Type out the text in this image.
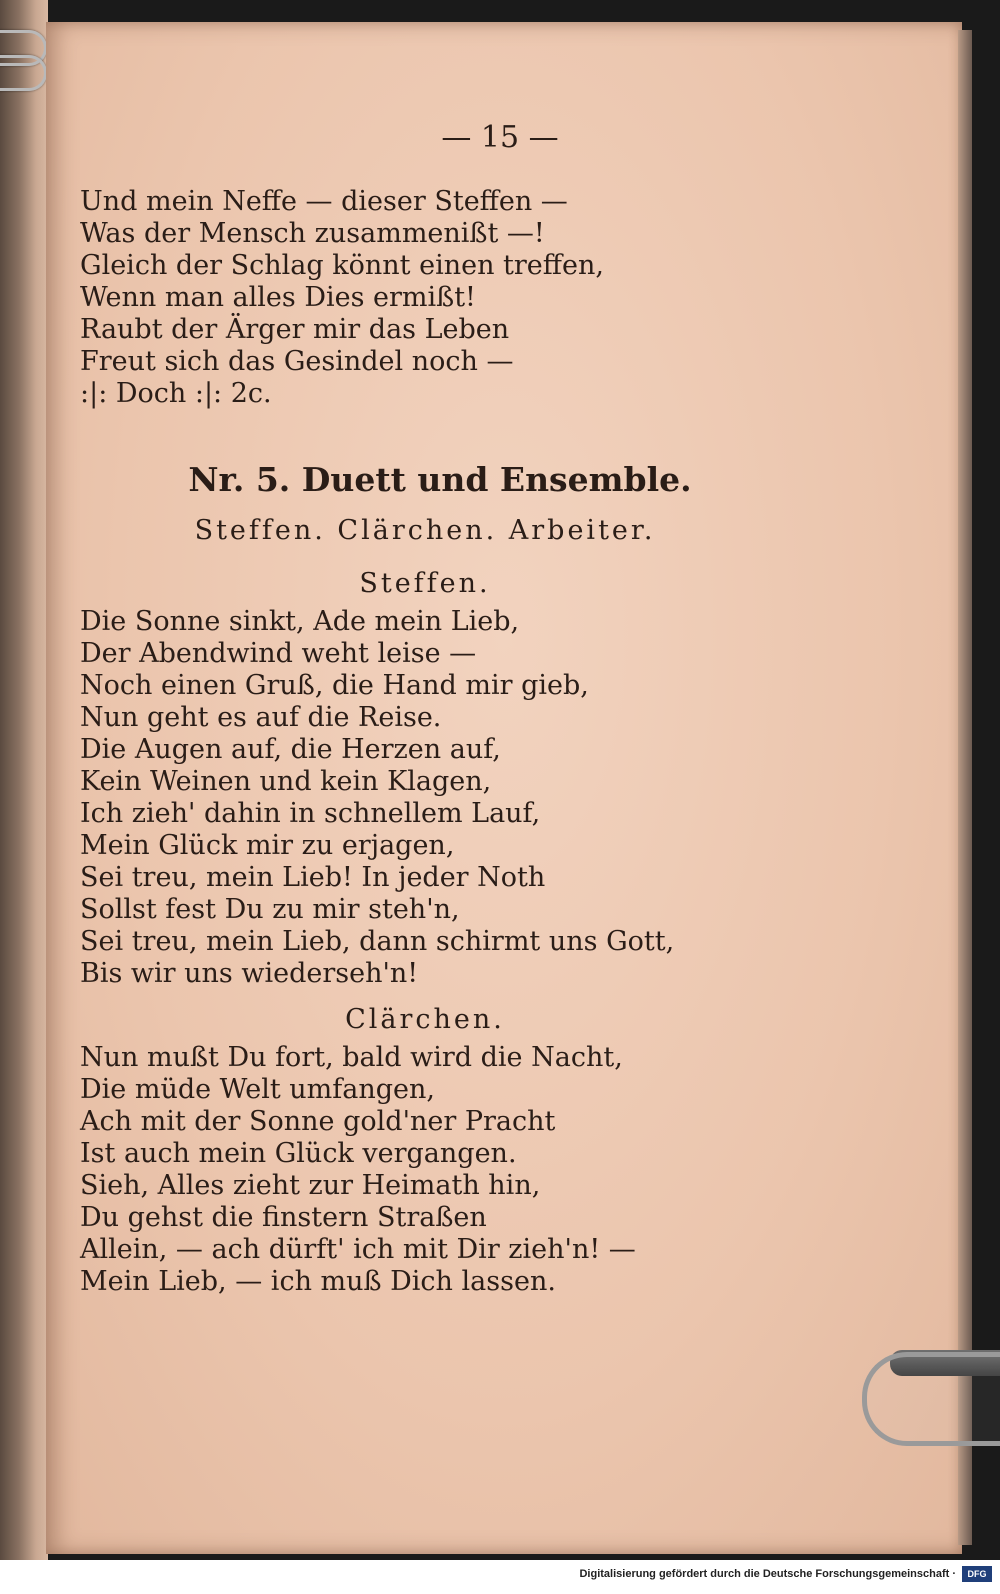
— 15 —
Und mein Neffe — dieser Steffen —
Was der Mensch zusammenißt —!
Gleich der Schlag könnt einen treffen,
Wenn man alles Dies ermißt!
Raubt der Ärger mir das Leben
Freut sich das Gesindel noch —
:|: Doch :|: 2c.
Nr. 5. Duett und Ensemble.
Steffen. Clärchen. Arbeiter.
Steffen.
Die Sonne sinkt, Ade mein Lieb,
Der Abendwind weht leise —
Noch einen Gruß, die Hand mir gieb,
Nun geht es auf die Reise.
Die Augen auf, die Herzen auf,
Kein Weinen und kein Klagen,
Ich zieh' dahin in schnellem Lauf,
Mein Glück mir zu erjagen,
Sei treu, mein Lieb! In jeder Noth
Sollst fest Du zu mir steh'n,
Sei treu, mein Lieb, dann schirmt uns Gott,
Bis wir uns wiederseh'n!
Clärchen.
Nun mußt Du fort, bald wird die Nacht,
Die müde Welt umfangen,
Ach mit der Sonne gold'ner Pracht
Ist auch mein Glück vergangen.
Sieh, Alles zieht zur Heimath hin,
Du gehst die finstern Straßen
Allein, — ach dürft' ich mit Dir zieh'n! —
Mein Lieb, — ich muß Dich lassen.
Digitalisierung gefördert durch die Deutsche Forschungsgemeinschaft ·	DFG
